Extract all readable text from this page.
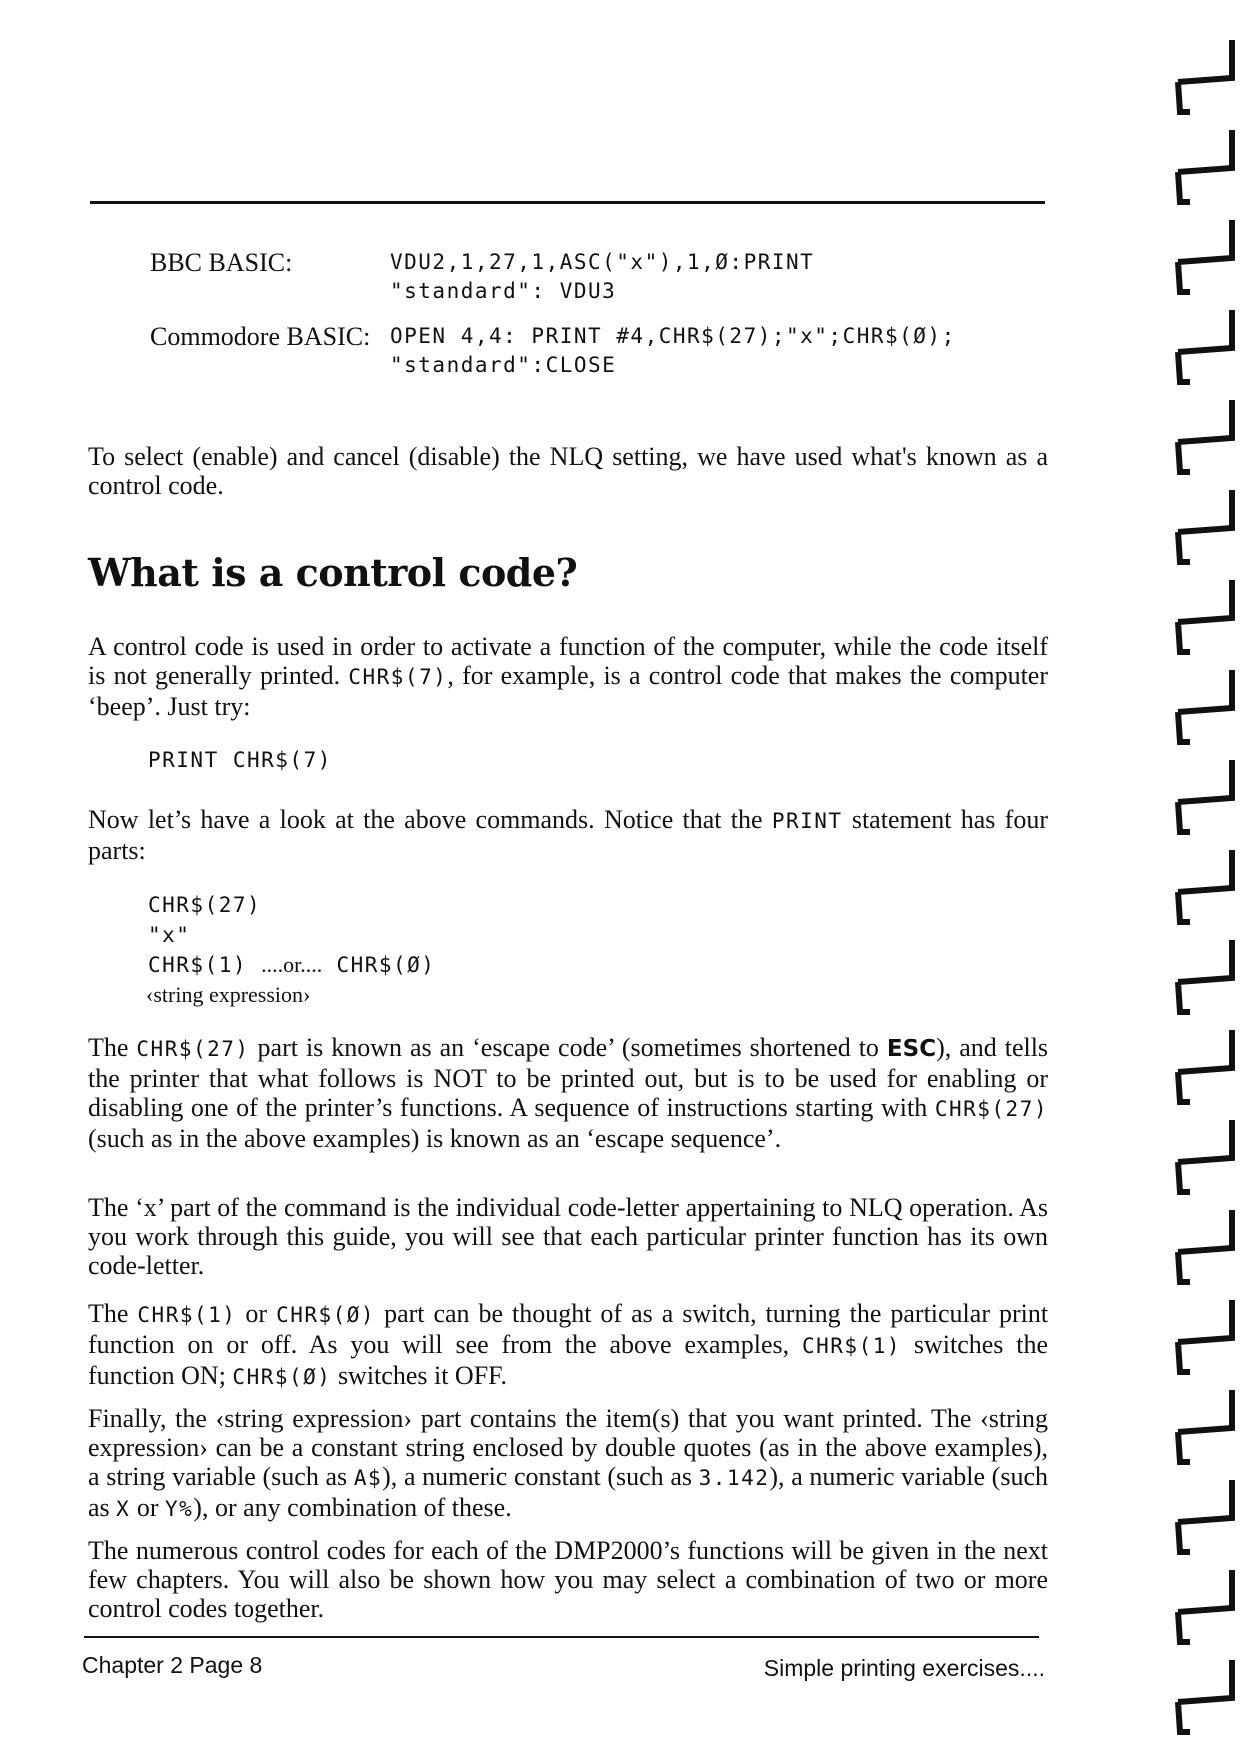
BBC BASIC:	VDU2,1,27,1,ASC("x"),1,Ø:PRINT
"standard": VDU3
Commodore BASIC: OPEN 4,4: PRINT #4,CHR$(27);"x";CHR$(Ø);
"standard":CLOSE

To select (enable) and cancel (disable) the NLQ setting, we have used what's known as a control code.

What is a control code?

A control code is used in order to activate a function of the computer, while the code itself is not generally printed. CHR$(7), for example, is a control code that makes the computer ‘beep’. Just try:

PRINT CHR$(7)

Now let’s have a look at the above commands. Notice that the PRINT statement has four parts:

CHR$(27)
"x"
CHR$(1) ....or.... CHR$(Ø)
‹string expression›

The CHR$(27) part is known as an ‘escape code’ (sometimes shortened to ESC), and tells the printer that what follows is NOT to be printed out, but is to be used for enabling or disabling one of the printer’s functions. A sequence of instructions starting with CHR$(27) (such as in the above examples) is known as an ‘escape sequence’.

The ‘x’ part of the command is the individual code-letter appertaining to NLQ operation. As you work through this guide, you will see that each particular printer function has its own code-letter.

The CHR$(1) or CHR$(Ø) part can be thought of as a switch, turning the particular print function on or off. As you will see from the above examples, CHR$(1) switches the function ON; CHR$(Ø) switches it OFF.

Finally, the ‹string expression› part contains the item(s) that you want printed. The ‹string expression› can be a constant string enclosed by double quotes (as in the above examples), a string variable (such as A$), a numeric constant (such as 3.142), a numeric variable (such as X or Y%), or any combination of these.

The numerous control codes for each of the DMP2000’s functions will be given in the next few chapters. You will also be shown how you may select a combination of two or more control codes together.

Chapter 2 Page 8	Simple printing exercises....
